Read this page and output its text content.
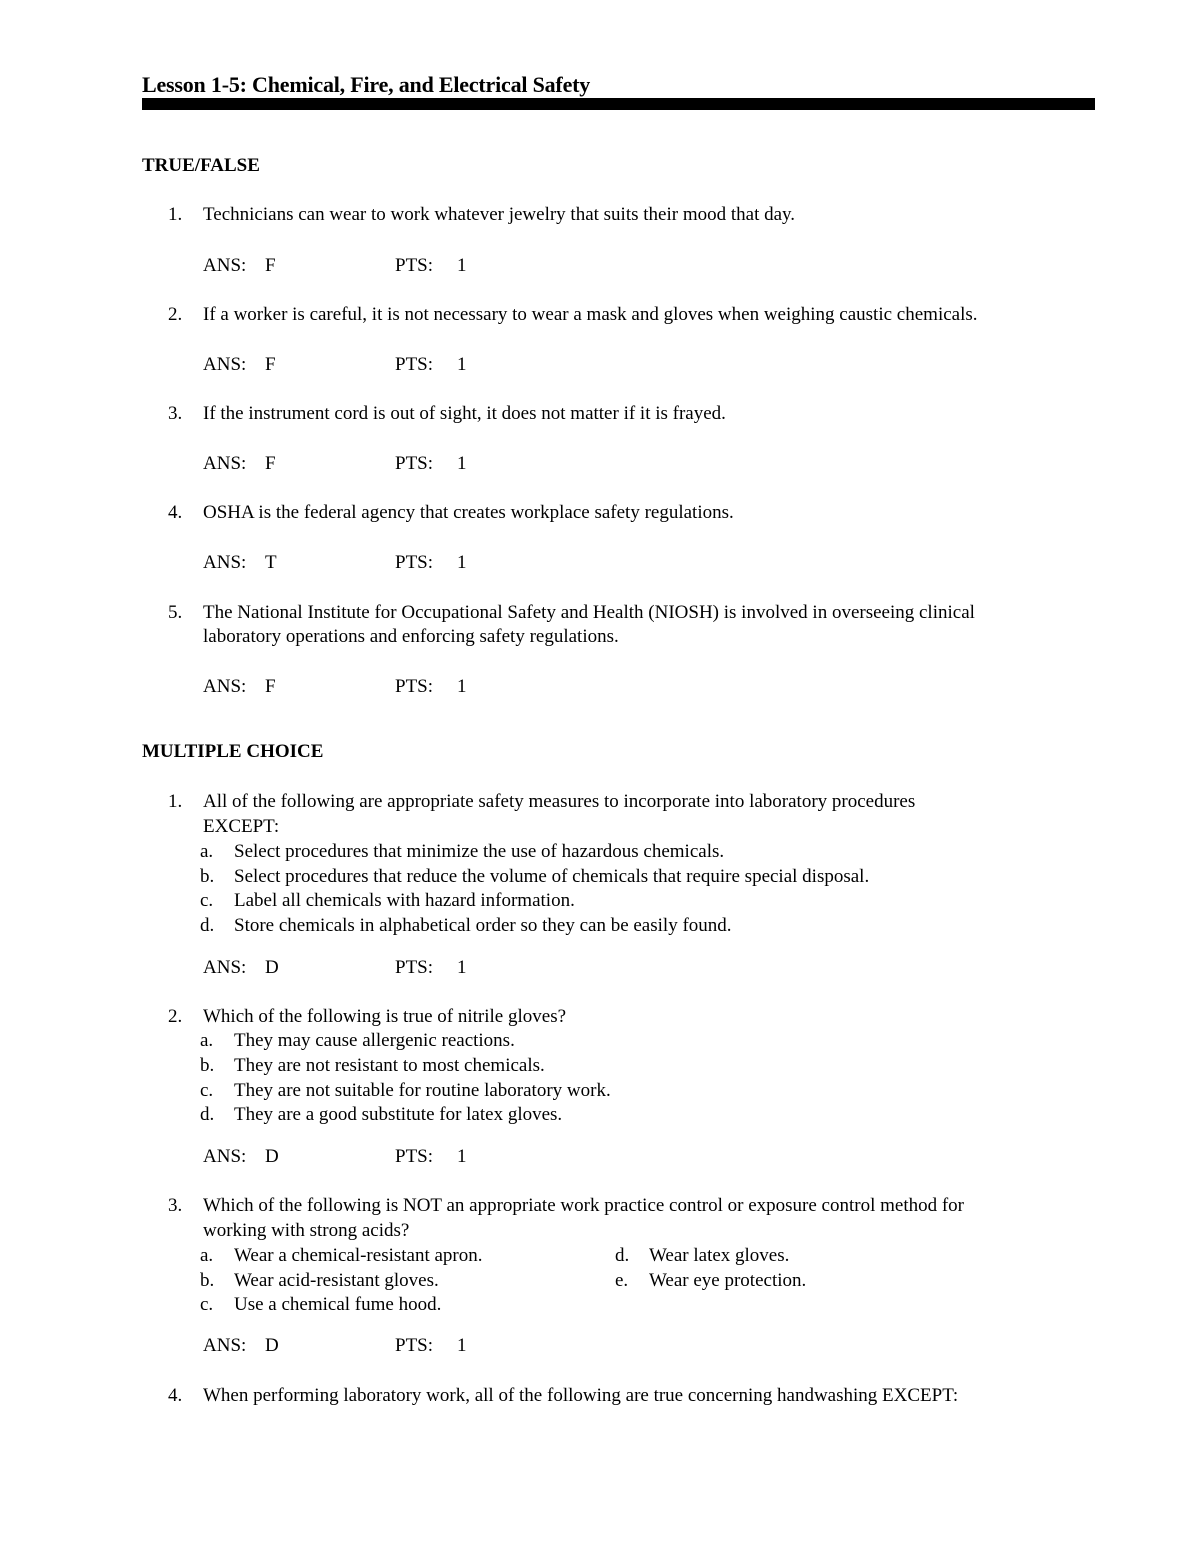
Lesson 1-5: Chemical, Fire, and Electrical Safety
TRUE/FALSE
1. Technicians can wear to work whatever jewelry that suits their mood that day.
ANS: F	PTS: 1
2. If a worker is careful, it is not necessary to wear a mask and gloves when weighing caustic chemicals.
ANS: F	PTS: 1
3. If the instrument cord is out of sight, it does not matter if it is frayed.
ANS: F	PTS: 1
4. OSHA is the federal agency that creates workplace safety regulations.
ANS: T	PTS: 1
5. The National Institute for Occupational Safety and Health (NIOSH) is involved in overseeing clinical
laboratory operations and enforcing safety regulations.
ANS: F	PTS: 1
MULTIPLE CHOICE
1. All of the following are appropriate safety measures to incorporate into laboratory procedures
EXCEPT:
a. Select procedures that minimize the use of hazardous chemicals.
b. Select procedures that reduce the volume of chemicals that require special disposal.
c. Label all chemicals with hazard information.
d. Store chemicals in alphabetical order so they can be easily found.
ANS: D	PTS: 1
2. Which of the following is true of nitrile gloves?
a. They may cause allergenic reactions.
b. They are not resistant to most chemicals.
c. They are not suitable for routine laboratory work.
d. They are a good substitute for latex gloves.
ANS: D	PTS: 1
3. Which of the following is NOT an appropriate work practice control or exposure control method for
working with strong acids?
a. Wear a chemical-resistant apron.
b. Wear acid-resistant gloves.
c. Use a chemical fume hood.
d. Wear latex gloves.
e. Wear eye protection.
ANS: D	PTS: 1
4. When performing laboratory work, all of the following are true concerning handwashing EXCEPT:
